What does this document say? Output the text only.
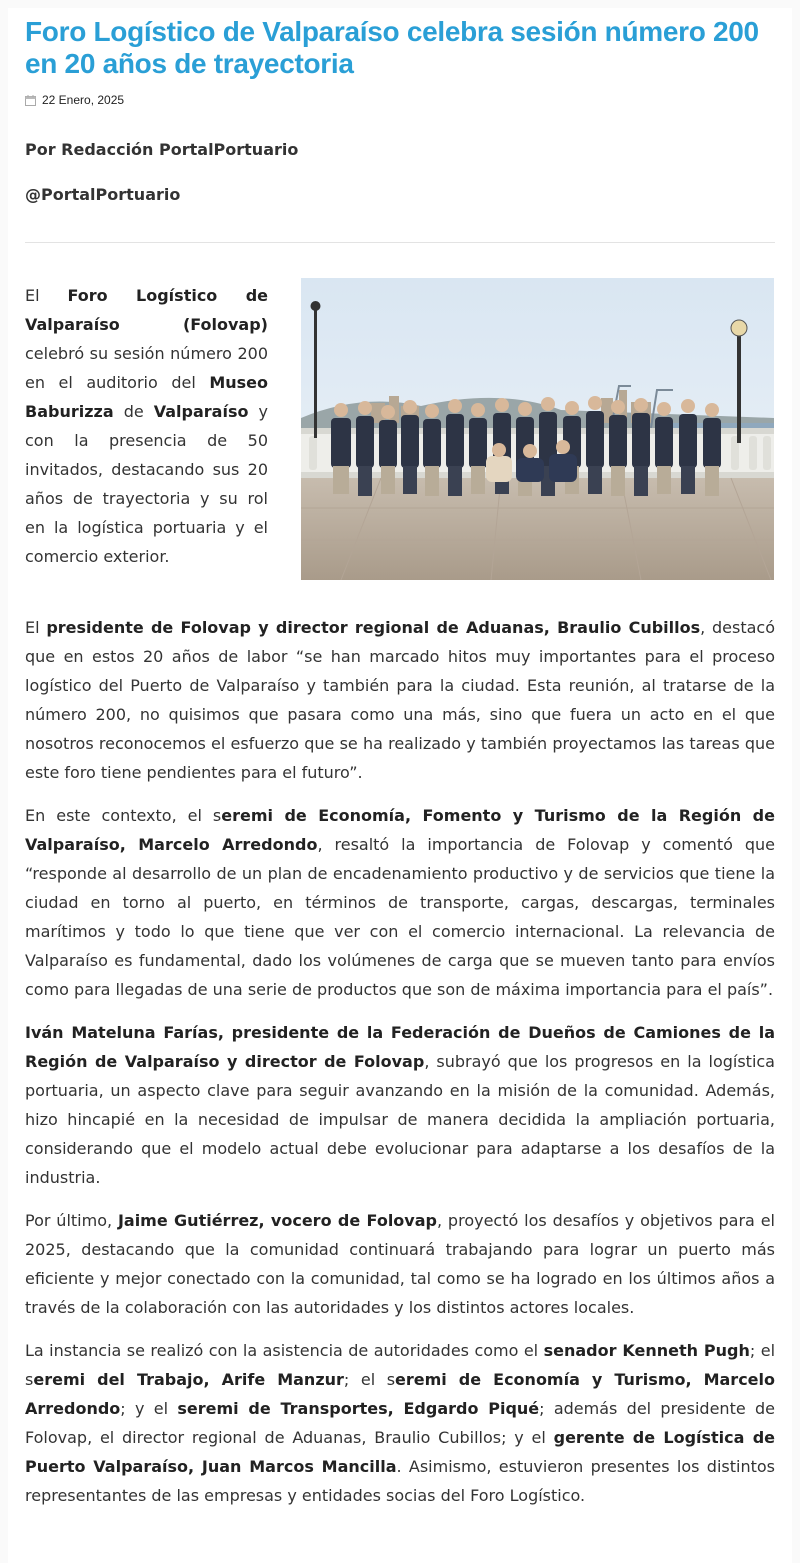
Foro Logístico de Valparaíso celebra sesión número 200 en 20 años de trayectoria
22 Enero, 2025
Por Redacción PortalPortuario
@PortalPortuario

El Foro Logístico de Valparaíso (Folovap) celebró su sesión número 200 en el auditorio del Museo Baburizza de Valparaíso y con la presencia de 50 invitados, destacando sus 20 años de trayectoria y su rol en la logística portuaria y el comercio exterior.

El presidente de Folovap y director regional de Aduanas, Braulio Cubillos, destacó que en estos 20 años de labor “se han marcado hitos muy importantes para el proceso logístico del Puerto de Valparaíso y también para la ciudad. Esta reunión, al tratarse de la número 200, no quisimos que pasara como una más, sino que fuera un acto en el que nosotros reconocemos el esfuerzo que se ha realizado y también proyectamos las tareas que este foro tiene pendientes para el futuro”.

En este contexto, el seremi de Economía, Fomento y Turismo de la Región de Valparaíso, Marcelo Arredondo, resaltó la importancia de Folovap y comentó que “responde al desarrollo de un plan de encadenamiento productivo y de servicios que tiene la ciudad en torno al puerto, en términos de transporte, cargas, descargas, terminales marítimos y todo lo que tiene que ver con el comercio internacional. La relevancia de Valparaíso es fundamental, dado los volúmenes de carga que se mueven tanto para envíos como para llegadas de una serie de productos que son de máxima importancia para el país”.

Iván Mateluna Farías, presidente de la Federación de Dueños de Camiones de la Región de Valparaíso y director de Folovap, subrayó que los progresos en la logística portuaria, un aspecto clave para seguir avanzando en la misión de la comunidad. Además, hizo hincapié en la necesidad de impulsar de manera decidida la ampliación portuaria, considerando que el modelo actual debe evolucionar para adaptarse a los desafíos de la industria.

Por último, Jaime Gutiérrez, vocero de Folovap, proyectó los desafíos y objetivos para el 2025, destacando que la comunidad continuará trabajando para lograr un puerto más eficiente y mejor conectado con la comunidad, tal como se ha logrado en los últimos años a través de la colaboración con las autoridades y los distintos actores locales.

La instancia se realizó con la asistencia de autoridades como el senador Kenneth Pugh; el seremi del Trabajo, Arife Manzur; el seremi de Economía y Turismo, Marcelo Arredondo; y el seremi de Transportes, Edgardo Piqué; además del presidente de Folovap, el director regional de Aduanas, Braulio Cubillos; y el gerente de Logística de Puerto Valparaíso, Juan Marcos Mancilla. Asimismo, estuvieron presentes los distintos representantes de las empresas y entidades socias del Foro Logístico.
